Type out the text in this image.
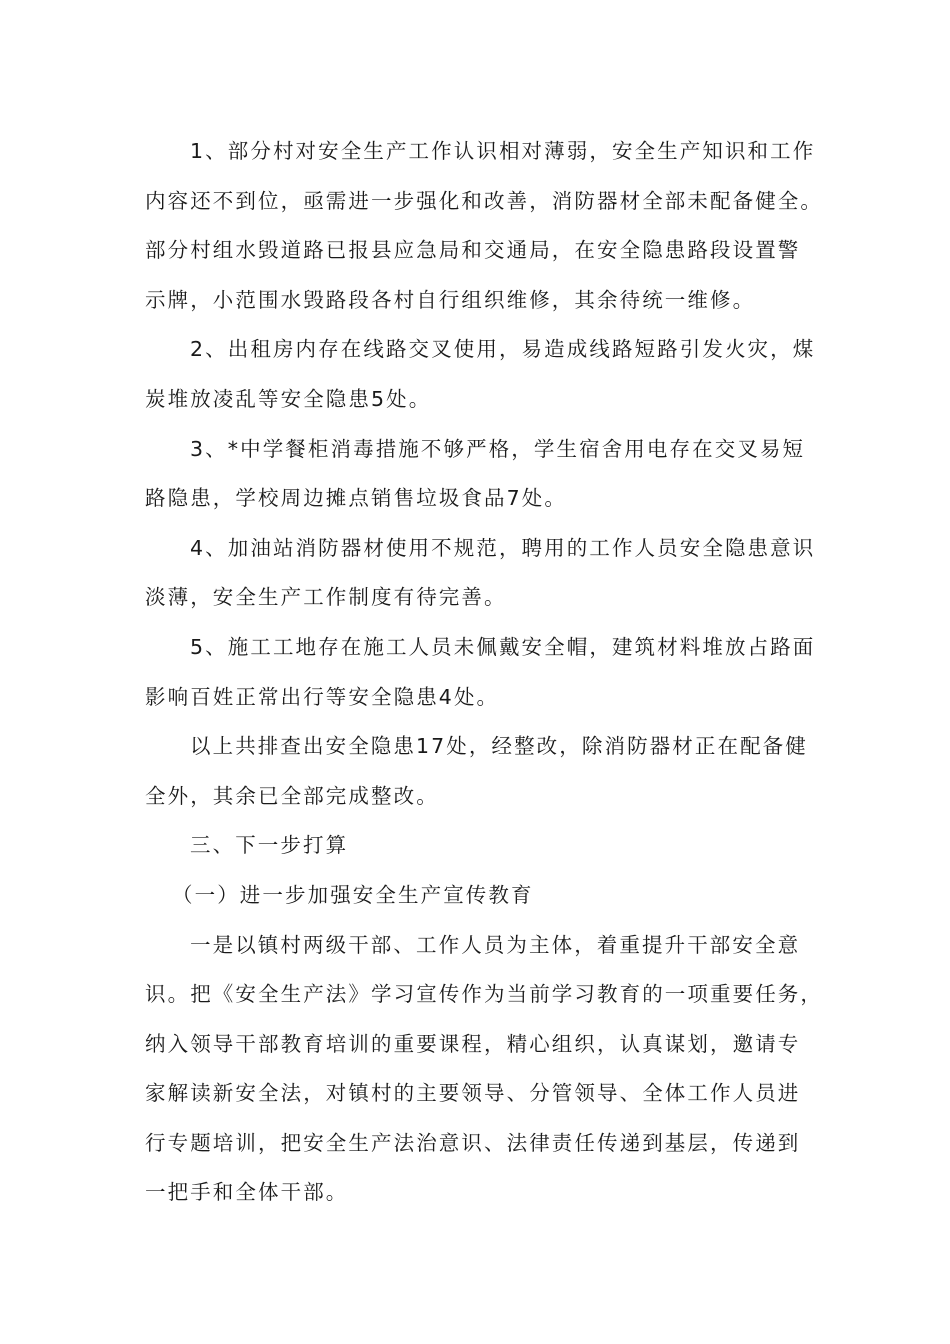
1、部分村对安全生产工作认识相对薄弱，安全生产知识和工作
内容还不到位，亟需进一步强化和改善，消防器材全部未配备健全。
部分村组水毁道路已报县应急局和交通局，在安全隐患路段设置警
示牌，小范围水毁路段各村自行组织维修，其余待统一维修。
2、出租房内存在线路交叉使用，易造成线路短路引发火灾，煤
炭堆放凌乱等安全隐患5处。
3、*中学餐柜消毒措施不够严格，学生宿舍用电存在交叉易短
路隐患，学校周边摊点销售垃圾食品7处。
4、加油站消防器材使用不规范，聘用的工作人员安全隐患意识
淡薄，安全生产工作制度有待完善。
5、施工工地存在施工人员未佩戴安全帽，建筑材料堆放占路面
影响百姓正常出行等安全隐患4处。
以上共排查出安全隐患17处，经整改，除消防器材正在配备健
全外，其余已全部完成整改。
三、下一步打算
（一）进一步加强安全生产宣传教育
一是以镇村两级干部、工作人员为主体，着重提升干部安全意
识。把《安全生产法》学习宣传作为当前学习教育的一项重要任务，
纳入领导干部教育培训的重要课程，精心组织，认真谋划，邀请专
家解读新安全法，对镇村的主要领导、分管领导、全体工作人员进
行专题培训，把安全生产法治意识、法律责任传递到基层，传递到
一把手和全体干部。
